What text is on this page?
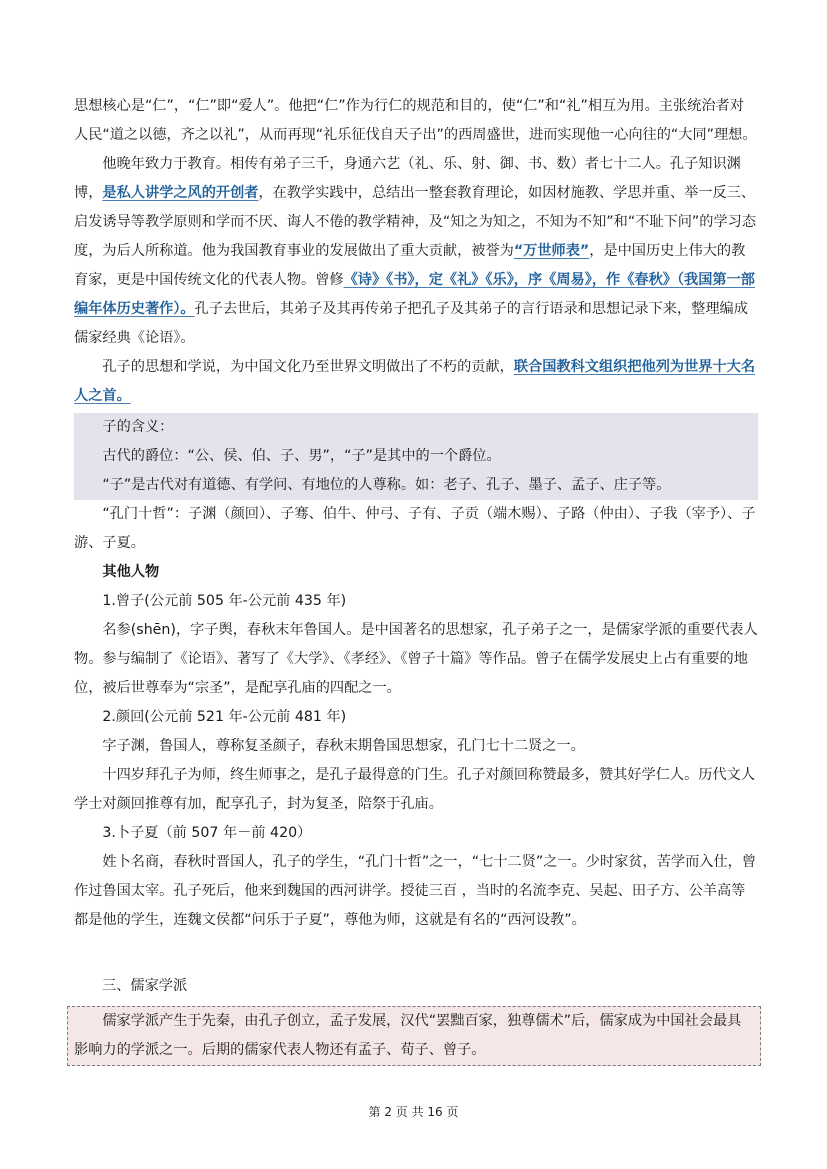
思想核心是“仁”，“仁”即“爱人”。他把“仁”作为行仁的规范和目的，使“仁”和“礼”相互为用。主张统治者对人民“道之以德，齐之以礼”，从而再现“礼乐征伐自天子出”的西周盛世，进而实现他一心向往的“大同”理想。

他晚年致力于教育。相传有弟子三千，身通六艺（礼、乐、射、御、书、数）者七十二人。孔子知识渊博，是私人讲学之风的开创者，在教学实践中，总结出一整套教育理论，如因材施教、学思并重、举一反三、启发诱导等教学原则和学而不厌、诲人不倦的教学精神，及“知之为知之，不知为不知”和“不耻下问”的学习态度，为后人所称道。他为我国教育事业的发展做出了重大贡献，被誉为“万世师表”，是中国历史上伟大的教育家，更是中国传统文化的代表人物。曾修《诗》《书》，定《礼》《乐》，序《周易》，作《春秋》（我国第一部编年体历史著作）。孔子去世后，其弟子及其再传弟子把孔子及其弟子的言行语录和思想记录下来，整理编成儒家经典《论语》。

孔子的思想和学说，为中国文化乃至世界文明做出了不朽的贡献，联合国教科文组织把他列为世界十大名人之首。

子的含义：

古代的爵位：“公、侯、伯、子、男”，“子”是其中的一个爵位。

“子”是古代对有道德、有学问、有地位的人尊称。如：老子、孔子、墨子、孟子、庄子等。

“孔门十哲”：子渊（颜回）、子骞、伯牛、仲弓、子有、子贡（端木赐）、子路（仲由）、子我（宰予）、子游、子夏。

其他人物

1.曾子(公元前 505 年-公元前 435 年)

名参(shēn)，字子舆，春秋末年鲁国人。是中国著名的思想家，孔子弟子之一，是儒家学派的重要代表人物。参与编制了《论语》、著写了《大学》、《孝经》、《曾子十篇》等作品。曾子在儒学发展史上占有重要的地位，被后世尊奉为“宗圣”，是配享孔庙的四配之一。

2.颜回(公元前 521 年-公元前 481 年)

字子渊，鲁国人，尊称复圣颜子，春秋末期鲁国思想家，孔门七十二贤之一。

十四岁拜孔子为师，终生师事之，是孔子最得意的门生。孔子对颜回称赞最多，赞其好学仁人。历代文人学士对颜回推尊有加，配享孔子，封为复圣，陪祭于孔庙。

3.卜子夏（前 507 年－前 420）

姓卜名商，春秋时晋国人，孔子的学生，“孔门十哲”之一，“七十二贤”之一。少时家贫，苦学而入仕，曾作过鲁国太宰。孔子死后，他来到魏国的西河讲学。授徒三百 ，当时的名流李克、吴起、田子方、公羊高等都是他的学生，连魏文侯都“问乐于子夏”，尊他为师，这就是有名的“西河设教”。

三、儒家学派

儒家学派产生于先秦，由孔子创立，孟子发展，汉代“罢黜百家，独尊儒术”后，儒家成为中国社会最具影响力的学派之一。后期的儒家代表人物还有孟子、荀子、曾子。

第 2 页 共 16 页
